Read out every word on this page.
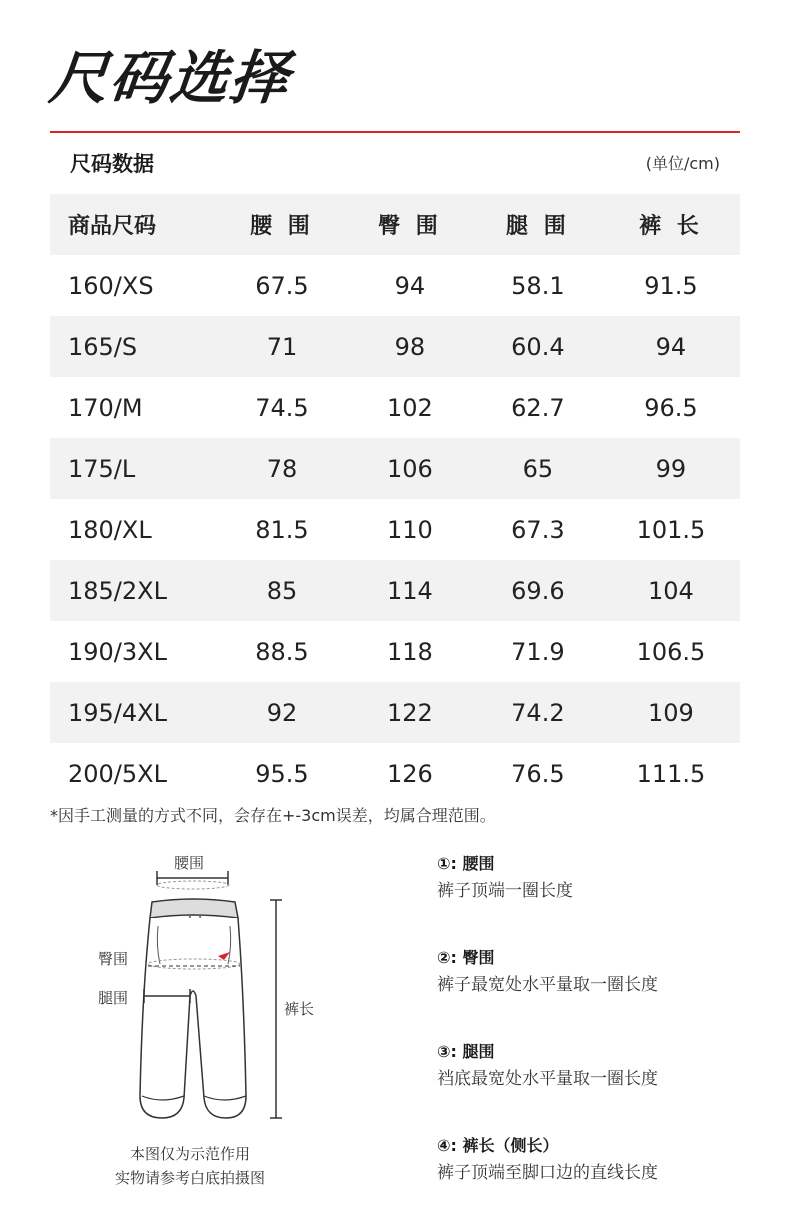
尺码选择
尺码数据	(单位/cm)
商品尺码	腰 围	臀 围	腿 围	裤 长
160/XS	67.5	94	58.1	91.5
165/S	71	98	60.4	94
170/M	74.5	102	62.7	96.5
175/L	78	106	65	99
180/XL	81.5	110	67.3	101.5
185/2XL	85	114	69.6	104
190/3XL	88.5	118	71.9	106.5
195/4XL	92	122	74.2	109
200/5XL	95.5	126	76.5	111.5
*因手工测量的方式不同，会存在+-3cm误差，均属合理范围。
腰围
臀围
腿围
裤长
本图仅为示范作用
实物请参考白底拍摄图
①: 腰围
裤子顶端一圈长度
②: 臀围
裤子最宽处水平量取一圈长度
③: 腿围
裆底最宽处水平量取一圈长度
④: 裤长（侧长）
裤子顶端至脚口边的直线长度
